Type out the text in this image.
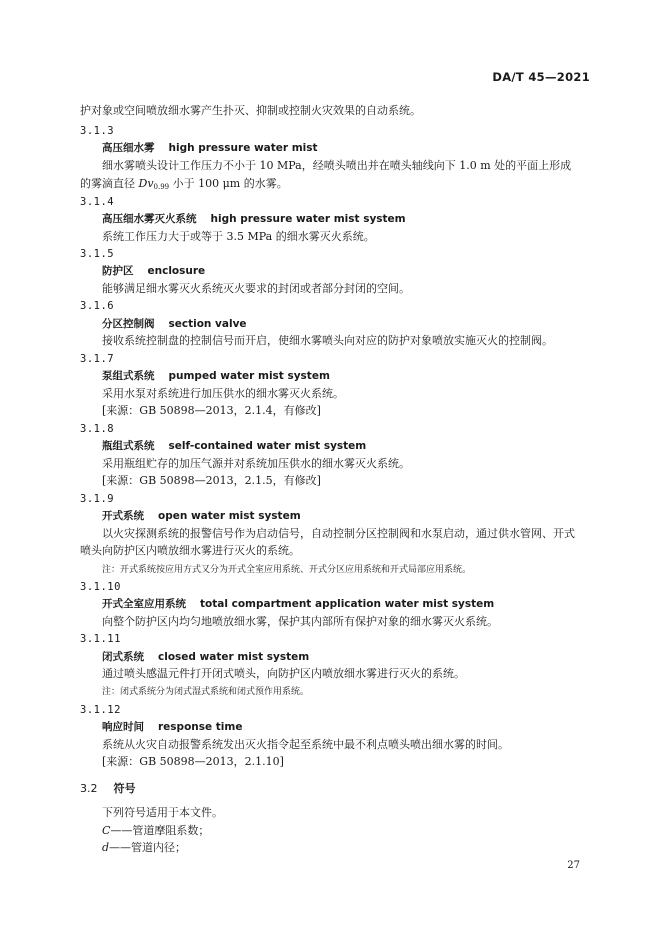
DA/T 45—2021
护对象或空间喷放细水雾产生扑灭、抑制或控制火灾效果的自动系统。
3.1.3
高压细水雾 high pressure water mist
细水雾喷头设计工作压力不小于 10 MPa，经喷头喷出并在喷头轴线向下 1.0 m 处的平面上形成
的雾滴直径 $Dv_{0.99}$ 小于 100 μm 的水雾。
3.1.4
高压细水雾灭火系统 high pressure water mist system
系统工作压力大于或等于 3.5 MPa 的细水雾灭火系统。
3.1.5
防护区 enclosure
能够满足细水雾灭火系统灭火要求的封闭或者部分封闭的空间。
3.1.6
分区控制阀 section valve
接收系统控制盘的控制信号而开启，使细水雾喷头向对应的防护对象喷放实施灭火的控制阀。
3.1.7
泵组式系统 pumped water mist system
采用水泵对系统进行加压供水的细水雾灭火系统。
[来源：GB 50898—2013，2.1.4，有修改]
3.1.8
瓶组式系统 self-contained water mist system
采用瓶组贮存的加压气源并对系统加压供水的细水雾灭火系统。
[来源：GB 50898—2013，2.1.5，有修改]
3.1.9
开式系统 open water mist system
以火灾探测系统的报警信号作为启动信号，自动控制分区控制阀和水泵启动，通过供水管网、开式
喷头向防护区内喷放细水雾进行灭火的系统。
注：开式系统按应用方式又分为开式全室应用系统、开式分区应用系统和开式局部应用系统。
3.1.10
开式全室应用系统 total compartment application water mist system
向整个防护区内均匀地喷放细水雾，保护其内部所有保护对象的细水雾灭火系统。
3.1.11
闭式系统 closed water mist system
通过喷头感温元件打开闭式喷头，向防护区内喷放细水雾进行灭火的系统。
注：闭式系统分为闭式湿式系统和闭式预作用系统。
3.1.12
响应时间 response time
系统从火灾自动报警系统发出灭火指令起至系统中最不利点喷头喷出细水雾的时间。
[来源：GB 50898—2013，2.1.10]
3.2 符号
下列符号适用于本文件。
C——管道摩阻系数；
d——管道内径；
27
